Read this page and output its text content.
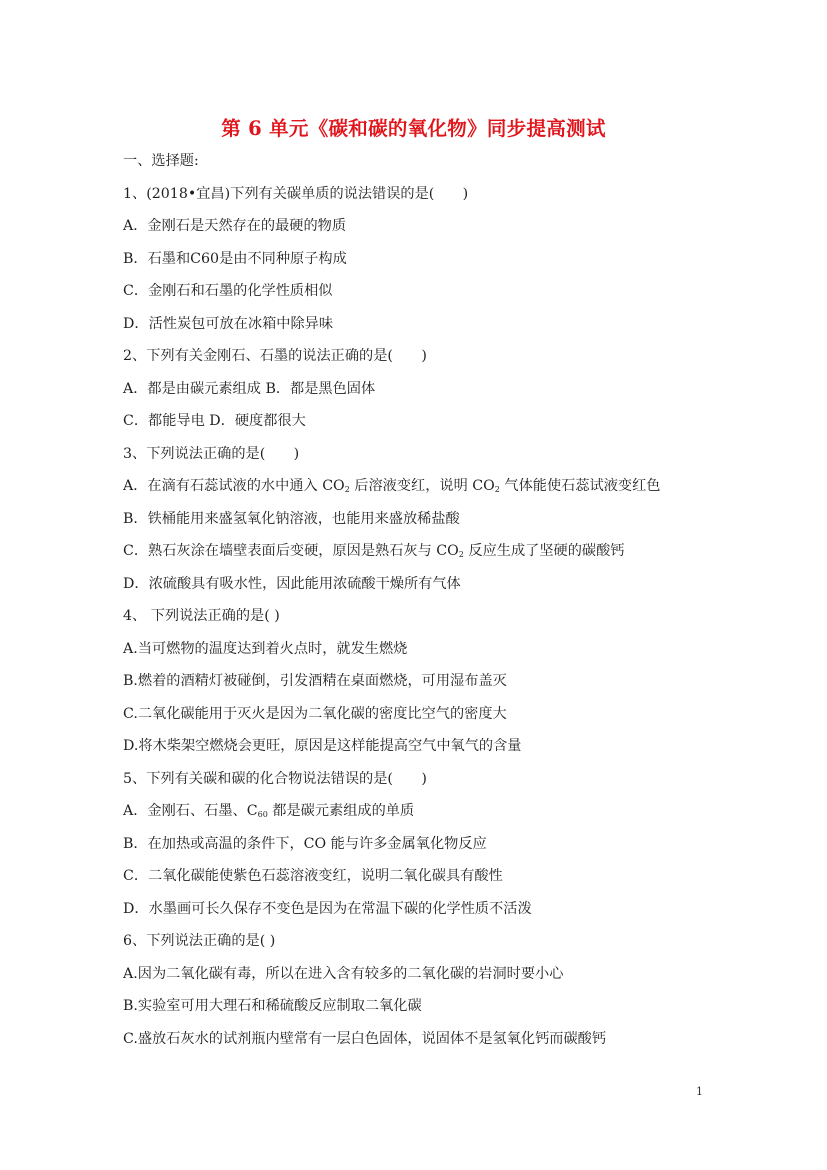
第 6 单元《碳和碳的氧化物》同步提高测试
一、选择题:
1、(2018•宜昌)下列有关碳单质的说法错误的是(　　)
A．金刚石是天然存在的最硬的物质
B．石墨和C60是由不同种原子构成
C．金刚石和石墨的化学性质相似
D．活性炭包可放在冰箱中除异味
2、下列有关金刚石、石墨的说法正确的是(　　)
A．都是由碳元素组成 B．都是黑色固体
C．都能导电 D．硬度都很大
3、下列说法正确的是(　　)
A．在滴有石蕊试液的水中通入 $CO_2$ 后溶液变红，说明 $CO_2$ 气体能使石蕊试液变红色
B．铁桶能用来盛氢氧化钠溶液，也能用来盛放稀盐酸
C．熟石灰涂在墙壁表面后变硬，原因是熟石灰与 $CO_2$ 反应生成了坚硬的碳酸钙
D．浓硫酸具有吸水性，因此能用浓硫酸干燥所有气体
4、 下列说法正确的是( )
A.当可燃物的温度达到着火点时，就发生燃烧
B.燃着的酒精灯被碰倒，引发酒精在桌面燃烧，可用湿布盖灭
C.二氧化碳能用于灭火是因为二氧化碳的密度比空气的密度大
D.将木柴架空燃烧会更旺，原因是这样能提高空气中氧气的含量
5、下列有关碳和碳的化合物说法错误的是(　　)
A．金刚石、石墨、$C_{60}$ 都是碳元素组成的单质
B．在加热或高温的条件下，CO 能与许多金属氧化物反应
C．二氧化碳能使紫色石蕊溶液变红，说明二氧化碳具有酸性
D．水墨画可长久保存不变色是因为在常温下碳的化学性质不活泼
6、下列说法正确的是( )
A.因为二氧化碳有毒，所以在进入含有较多的二氧化碳的岩洞时要小心
B.实验室可用大理石和稀硫酸反应制取二氧化碳
C.盛放石灰水的试剂瓶内壁常有一层白色固体，说固体不是氢氧化钙而碳酸钙
1
